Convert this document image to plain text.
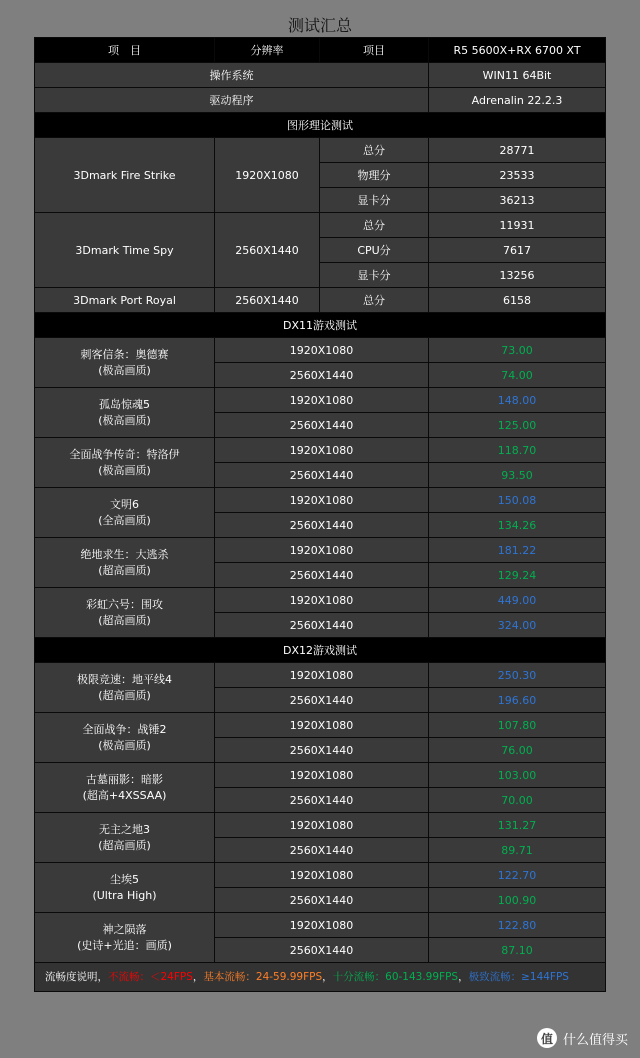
测试汇总
项　目	分辨率	项目	R5 5600X+RX 6700 XT
操作系统			WIN11 64Bit
驱动程序			Adrenalin 22.2.3
图形理论测试			
3Dmark Fire Strike	1920X1080	总分	28771
		物理分	23533
		显卡分	36213
3Dmark Time Spy	2560X1440	总分	11931
		CPU分	7617
		显卡分	13256
3Dmark Port Royal	2560X1440	总分	6158
DX11游戏测试			

刺客信条：奥德赛
(极高画质)	1920X1080		73.00
	2560X1440		74.00

孤岛惊魂5
(极高画质)	1920X1080		148.00
	2560X1440		125.00

全面战争传奇：特洛伊
(极高画质)	1920X1080		118.70
	2560X1440		93.50

文明6
(全高画质)	1920X1080		150.08
	2560X1440		134.26

绝地求生：大逃杀
(超高画质)	1920X1080		181.22
	2560X1440		129.24

彩虹六号：围攻
(超高画质)	1920X1080		449.00
	2560X1440		324.00
DX12游戏测试			

极限竞速：地平线4
(超高画质)	1920X1080		250.30
	2560X1440		196.60

全面战争：战锤2
(极高画质)	1920X1080		107.80
	2560X1440		76.00

古墓丽影：暗影
(超高+4XSSAA)	1920X1080		103.00
	2560X1440		70.00

无主之地3
(超高画质)	1920X1080		131.27
	2560X1440		89.71

尘埃5
(Ultra High)	1920X1080		122.70
	2560X1440		100.90

神之陨落
(史诗+光追：画质)	1920X1080		122.80
	2560X1440		87.10
流畅度说明，不流畅：＜24FPS，基本流畅：24-59.99FPS，十分流畅：60-143.99FPS，极致流畅：≥144FPS			
值 什么值得买
